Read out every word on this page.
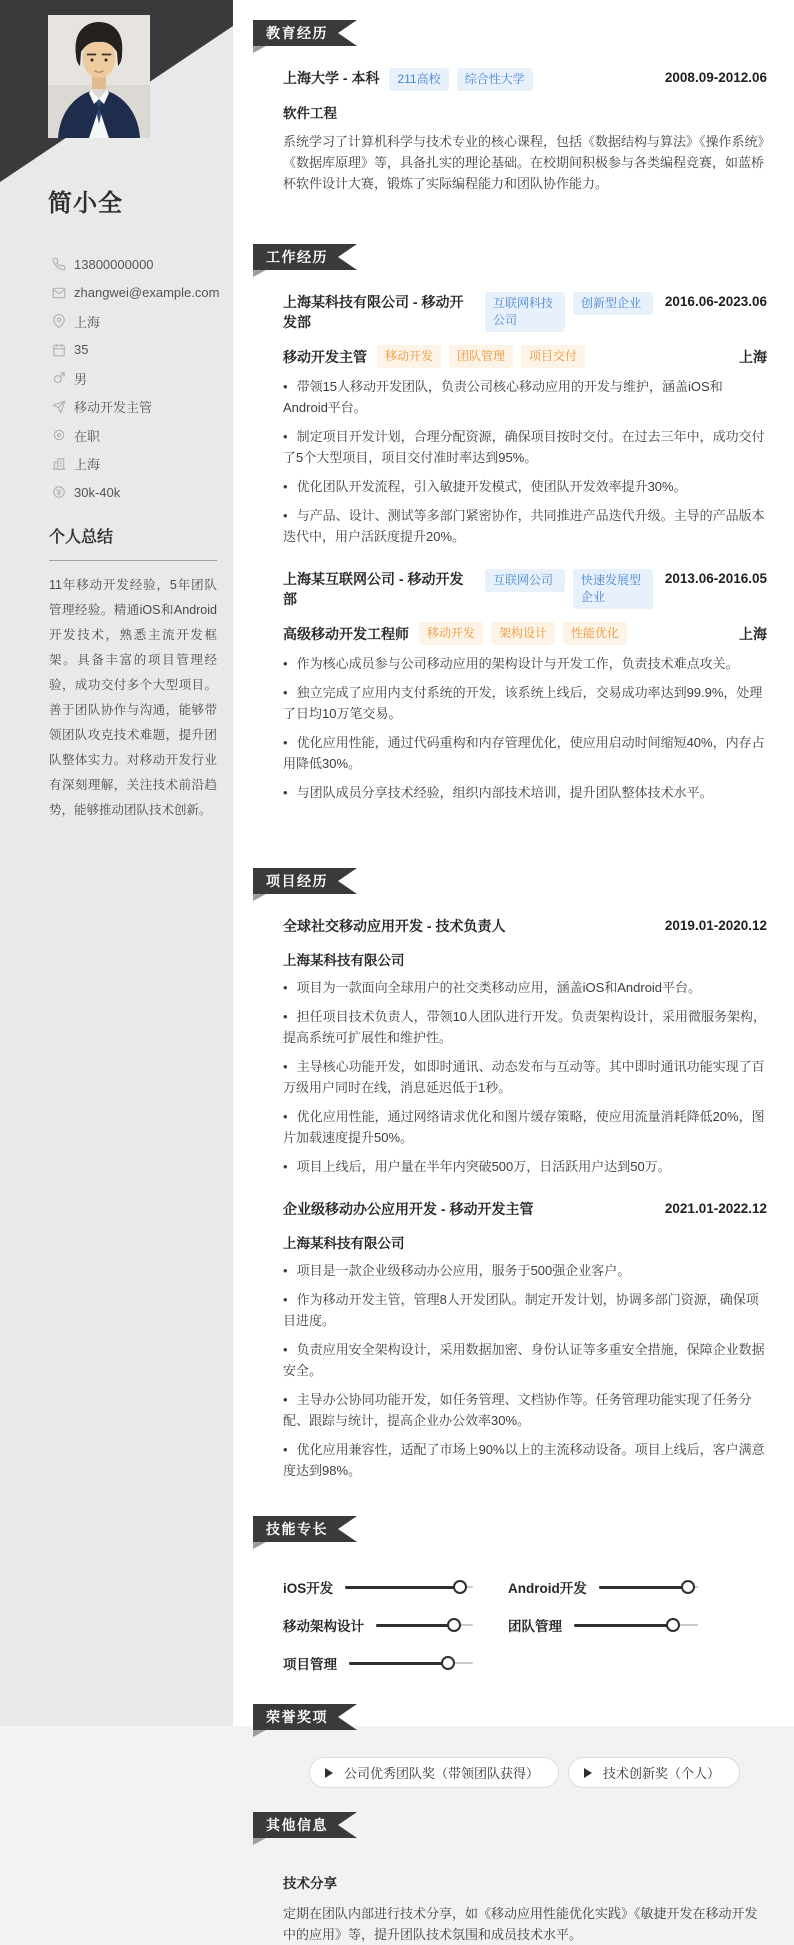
简小全
13800000000
zhangwei@example.com
上海
35
男
移动开发主管
在职
上海
30k-40k
个人总结

11年移动开发经验，5年团队管理经验。精通iOS和Android开发技术，熟悉主流开发框架。具备丰富的项目管理经验，成功交付多个大型项目。善于团队协作与沟通，能够带领团队攻克技术难题，提升团队整体实力。对移动开发行业有深刻理解，关注技术前沿趋势，能够推动团队技术创新。

教育经历
上海大学 - 本科	211高校	综合性大学	2008.09-2012.06
软件工程

系统学习了计算机科学与技术专业的核心课程，包括《数据结构与算法》《操作系统》《数据库原理》等，具备扎实的理论基础。在校期间积极参与各类编程竞赛，如蓝桥杯软件设计大赛，锻炼了实际编程能力和团队协作能力。

工作经历
上海某科技有限公司 - 移动开发部
互联网科技公司
创新型企业	2016.06-2023.06
移动开发主管	移动开发	团队管理	项目交付	上海
• 带领15人移动开发团队，负责公司核心移动应用的开发与维护，涵盖iOS和Android平台。
• 制定项目开发计划，合理分配资源，确保项目按时交付。在过去三年中，成功交付了5个大型项目，项目交付准时率达到95%。
• 优化团队开发流程，引入敏捷开发模式，使团队开发效率提升30%。
• 与产品、设计、测试等多部门紧密协作，共同推进产品迭代升级。主导的产品版本迭代中，用户活跃度提升20%。
上海某互联网公司 - 移动开发部
互联网公司	快速发展型企业
2013.06-2016.05
高级移动开发工程师	移动开发	架构设计	性能优化	上海
• 作为核心成员参与公司移动应用的架构设计与开发工作，负责技术难点攻关。
• 独立完成了应用内支付系统的开发，该系统上线后，交易成功率达到99.9%，处理了日均10万笔交易。
• 优化应用性能，通过代码重构和内存管理优化，使应用启动时间缩短40%，内存占用降低30%。
• 与团队成员分享技术经验，组织内部技术培训，提升团队整体技术水平。
项目经历
全球社交移动应用开发 - 技术负责人	2019.01-2020.12
上海某科技有限公司
• 项目为一款面向全球用户的社交类移动应用，涵盖iOS和Android平台。
• 担任项目技术负责人，带领10人团队进行开发。负责架构设计，采用微服务架构，提高系统可扩展性和维护性。
• 主导核心功能开发，如即时通讯、动态发布与互动等。其中即时通讯功能实现了百万级用户同时在线，消息延迟低于1秒。
• 优化应用性能，通过网络请求优化和图片缓存策略，使应用流量消耗降低20%，图片加载速度提升50%。
• 项目上线后，用户量在半年内突破500万，日活跃用户达到50万。
企业级移动办公应用开发 - 移动开发主管	2021.01-2022.12
上海某科技有限公司
• 项目是一款企业级移动办公应用，服务于500强企业客户。
• 作为移动开发主管，管理8人开发团队。制定开发计划，协调多部门资源，确保项目进度。
• 负责应用安全架构设计，采用数据加密、身份认证等多重安全措施，保障企业数据安全。
• 主导办公协同功能开发，如任务管理、文档协作等。任务管理功能实现了任务分配、跟踪与统计，提高企业办公效率30%。
• 优化应用兼容性，适配了市场上90%以上的主流移动设备。项目上线后，客户满意度达到98%。
技能专长
iOS开发	Android开发
移动架构设计	团队管理
项目管理
荣誉奖项
公司优秀团队奖（带领团队获得）	技术创新奖（个人）
其他信息
技术分享

定期在团队内部进行技术分享，如《移动应用性能优化实践》《敏捷开发在移动开发中的应用》等，提升团队技术氛围和成员技术水平。
